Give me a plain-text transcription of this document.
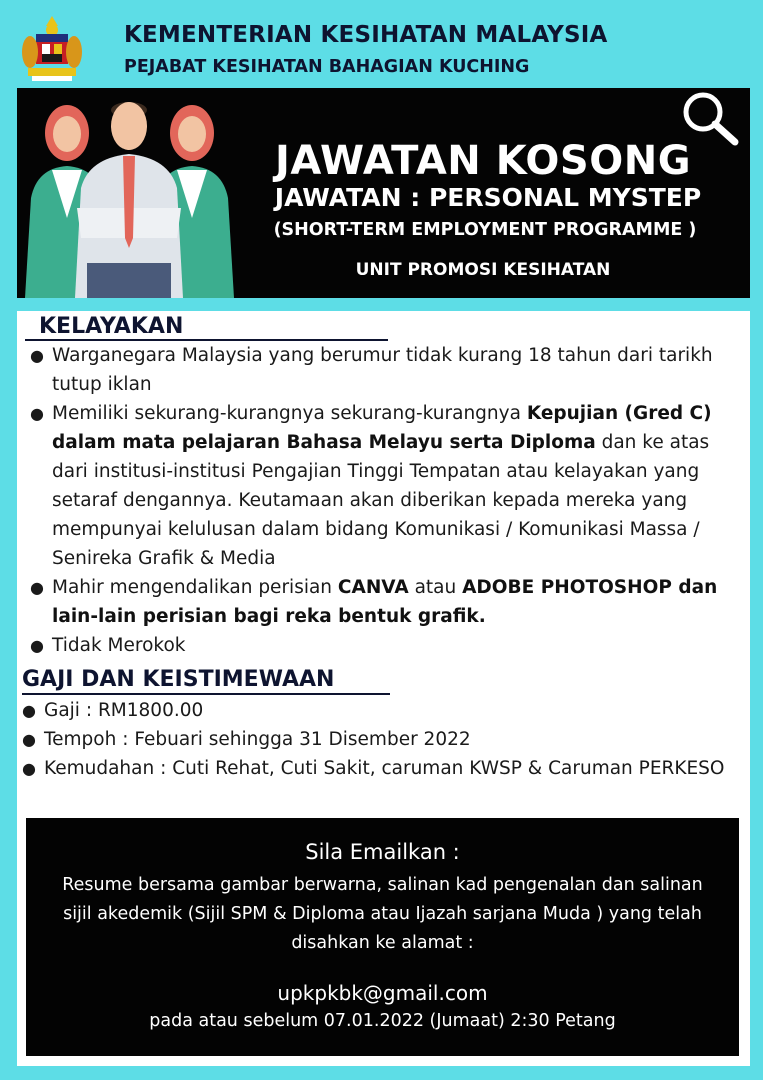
KEMENTERIAN KESIHATAN MALAYSIA
PEJABAT KESIHATAN BAHAGIAN KUCHING
JAWATAN KOSONG
JAWATAN : PERSONAL MYSTEP
(SHORT-TERM EMPLOYMENT PROGRAMME )
UNIT PROMOSI KESIHATAN
KELAYAKAN
● Warganegara Malaysia yang berumur tidak kurang 18 tahun dari tarikh tutup iklan
● Memiliki sekurang-kurangnya sekurang-kurangnya Kepujian (Gred C) dalam mata pelajaran Bahasa Melayu serta Diploma dan ke atas dari institusi-institusi Pengajian Tinggi Tempatan atau kelayakan yang setaraf dengannya. Keutamaan akan diberikan kepada mereka yang mempunyai kelulusan dalam bidang Komunikasi / Komunikasi Massa / Senireka Grafik & Media
● Mahir mengendalikan perisian CANVA atau ADOBE PHOTOSHOP dan lain-lain perisian bagi reka bentuk grafik.
● Tidak Merokok
GAJI DAN KEISTIMEWAAN
● Gaji : RM1800.00
● Tempoh : Febuari sehingga 31 Disember 2022
● Kemudahan : Cuti Rehat, Cuti Sakit, caruman KWSP & Caruman PERKESO
Sila Emailkan :
Resume bersama gambar berwarna, salinan kad pengenalan dan salinan sijil akedemik (Sijil SPM & Diploma atau Ijazah sarjana Muda ) yang telah disahkan ke alamat :
upkpkbk@gmail.com
pada atau sebelum 07.01.2022 (Jumaat) 2:30 Petang
